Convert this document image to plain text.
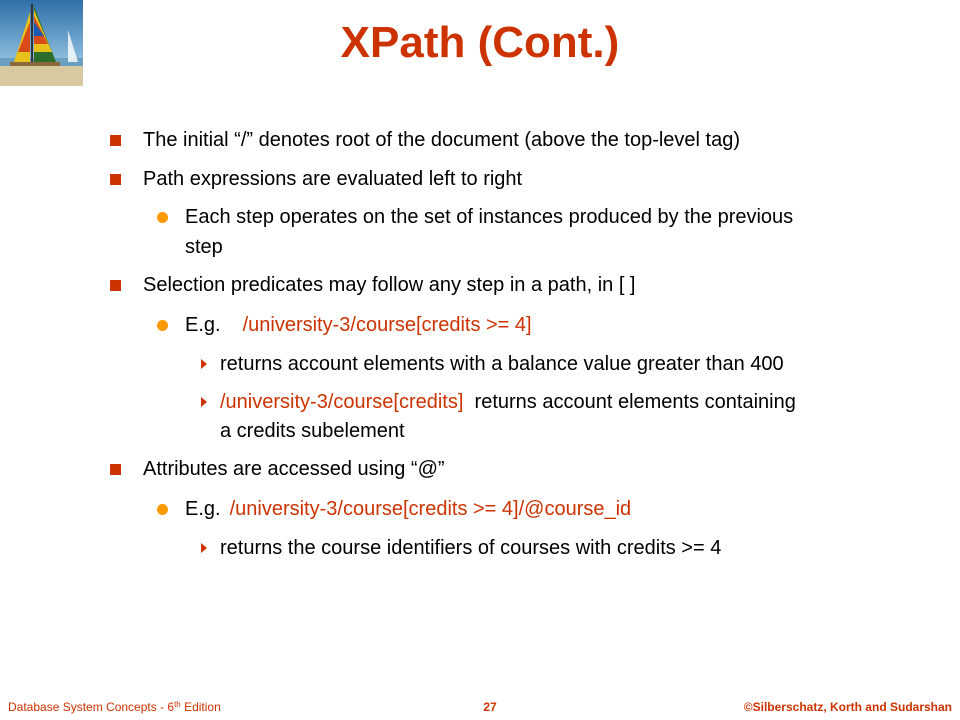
XPath (Cont.)
The initial “/” denotes root of the document (above the top-level tag)
Path expressions are evaluated left to right
Each step operates on the set of instances produced by the previous
step
Selection predicates may follow any step in a path, in [ ]
E.g. /university-3/course[credits >= 4]
returns account elements with a balance value greater than 400
/university-3/course[credits]  returns account elements containing
a credits subelement
Attributes are accessed using “@”
E.g. /university-3/course[credits >= 4]/@course_id
returns the course identifiers of courses with credits >= 4
Database System Concepts - 6th Edition	27	©Silberschatz, Korth and Sudarshan
